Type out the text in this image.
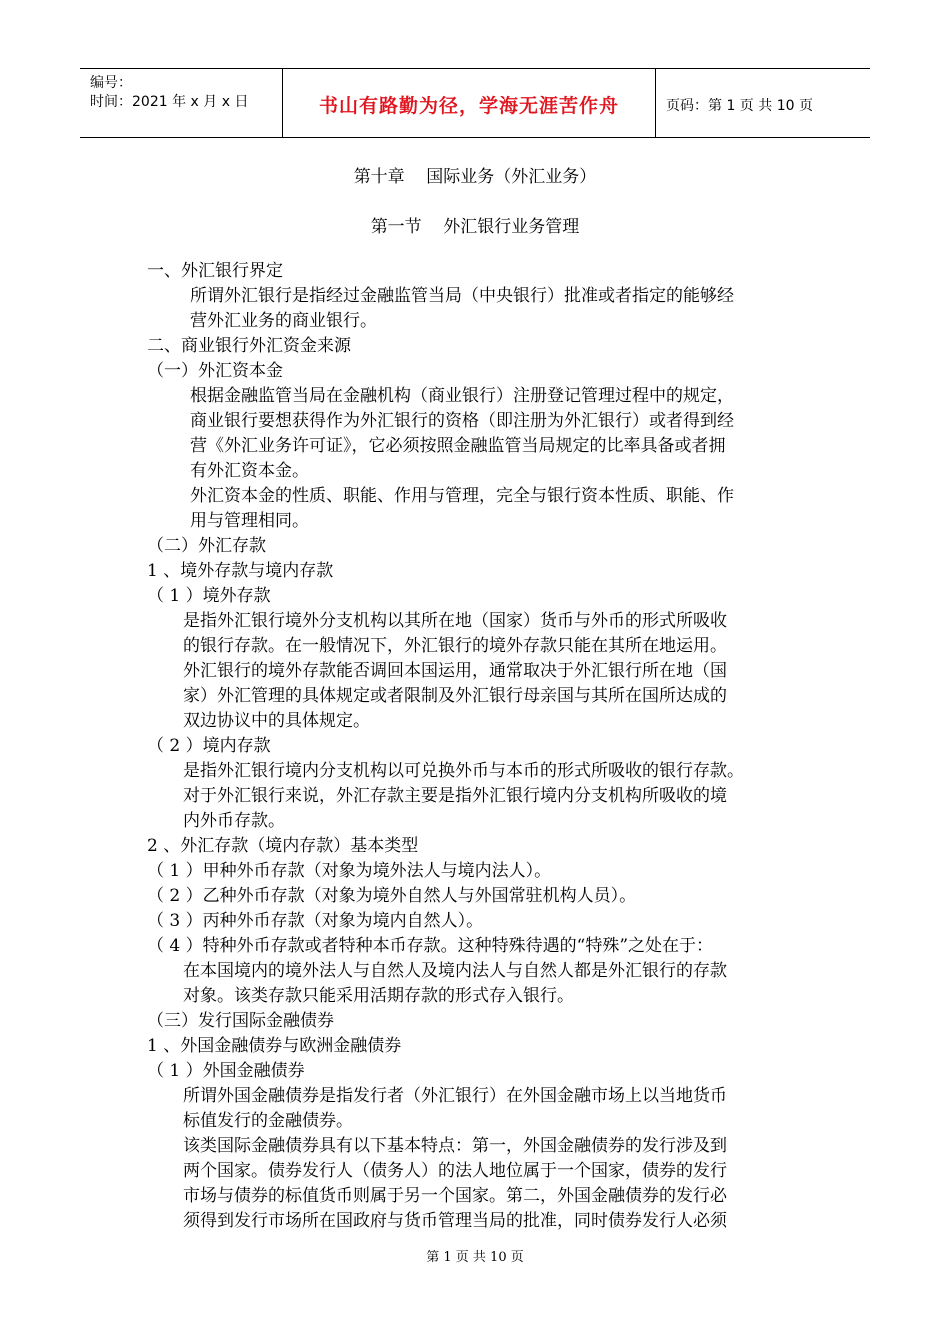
编号：
时间：2021 年 x 月 x 日	书山有路勤为径，学海无涯苦作舟	页码：第 1 页 共 10 页
第十章    国际业务（外汇业务）
第一节    外汇银行业务管理
一、外汇银行界定
所谓外汇银行是指经过金融监管当局（中央银行）批准或者指定的能够经
营外汇业务的商业银行。
二、商业银行外汇资金来源
（一）外汇资本金
根据金融监管当局在金融机构（商业银行）注册登记管理过程中的规定，
商业银行要想获得作为外汇银行的资格（即注册为外汇银行）或者得到经
营《外汇业务许可证》，它必须按照金融监管当局规定的比率具备或者拥
有外汇资本金。
外汇资本金的性质、职能、作用与管理，完全与银行资本性质、职能、作
用与管理相同。
（二）外汇存款
1 、境外存款与境内存款
（ 1 ）境外存款
是指外汇银行境外分支机构以其所在地（国家）货币与外币的形式所吸收
的银行存款。在一般情况下，外汇银行的境外存款只能在其所在地运用。
外汇银行的境外存款能否调回本国运用，通常取决于外汇银行所在地（国
家）外汇管理的具体规定或者限制及外汇银行母亲国与其所在国所达成的
双边协议中的具体规定。
（ 2 ）境内存款
是指外汇银行境内分支机构以可兑换外币与本币的形式所吸收的银行存款。
对于外汇银行来说，外汇存款主要是指外汇银行境内分支机构所吸收的境
内外币存款。
2 、外汇存款（境内存款）基本类型
（ 1 ）甲种外币存款（对象为境外法人与境内法人）。
（ 2 ）乙种外币存款（对象为境外自然人与外国常驻机构人员）。
（ 3 ）丙种外币存款（对象为境内自然人）。
（ 4 ）特种外币存款或者特种本币存款。这种特殊待遇的“特殊”之处在于：
在本国境内的境外法人与自然人及境内法人与自然人都是外汇银行的存款
对象。该类存款只能采用活期存款的形式存入银行。
（三）发行国际金融债券
1 、外国金融债券与欧洲金融债券
（ 1 ）外国金融债券
所谓外国金融债券是指发行者（外汇银行）在外国金融市场上以当地货币
标值发行的金融债券。
该类国际金融债券具有以下基本特点：第一，外国金融债券的发行涉及到
两个国家。债券发行人（债务人）的法人地位属于一个国家，债券的发行
市场与债券的标值货币则属于另一个国家。第二，外国金融债券的发行必
须得到发行市场所在国政府与货币管理当局的批准，同时债券发行人必须
第 1 页 共 10 页
